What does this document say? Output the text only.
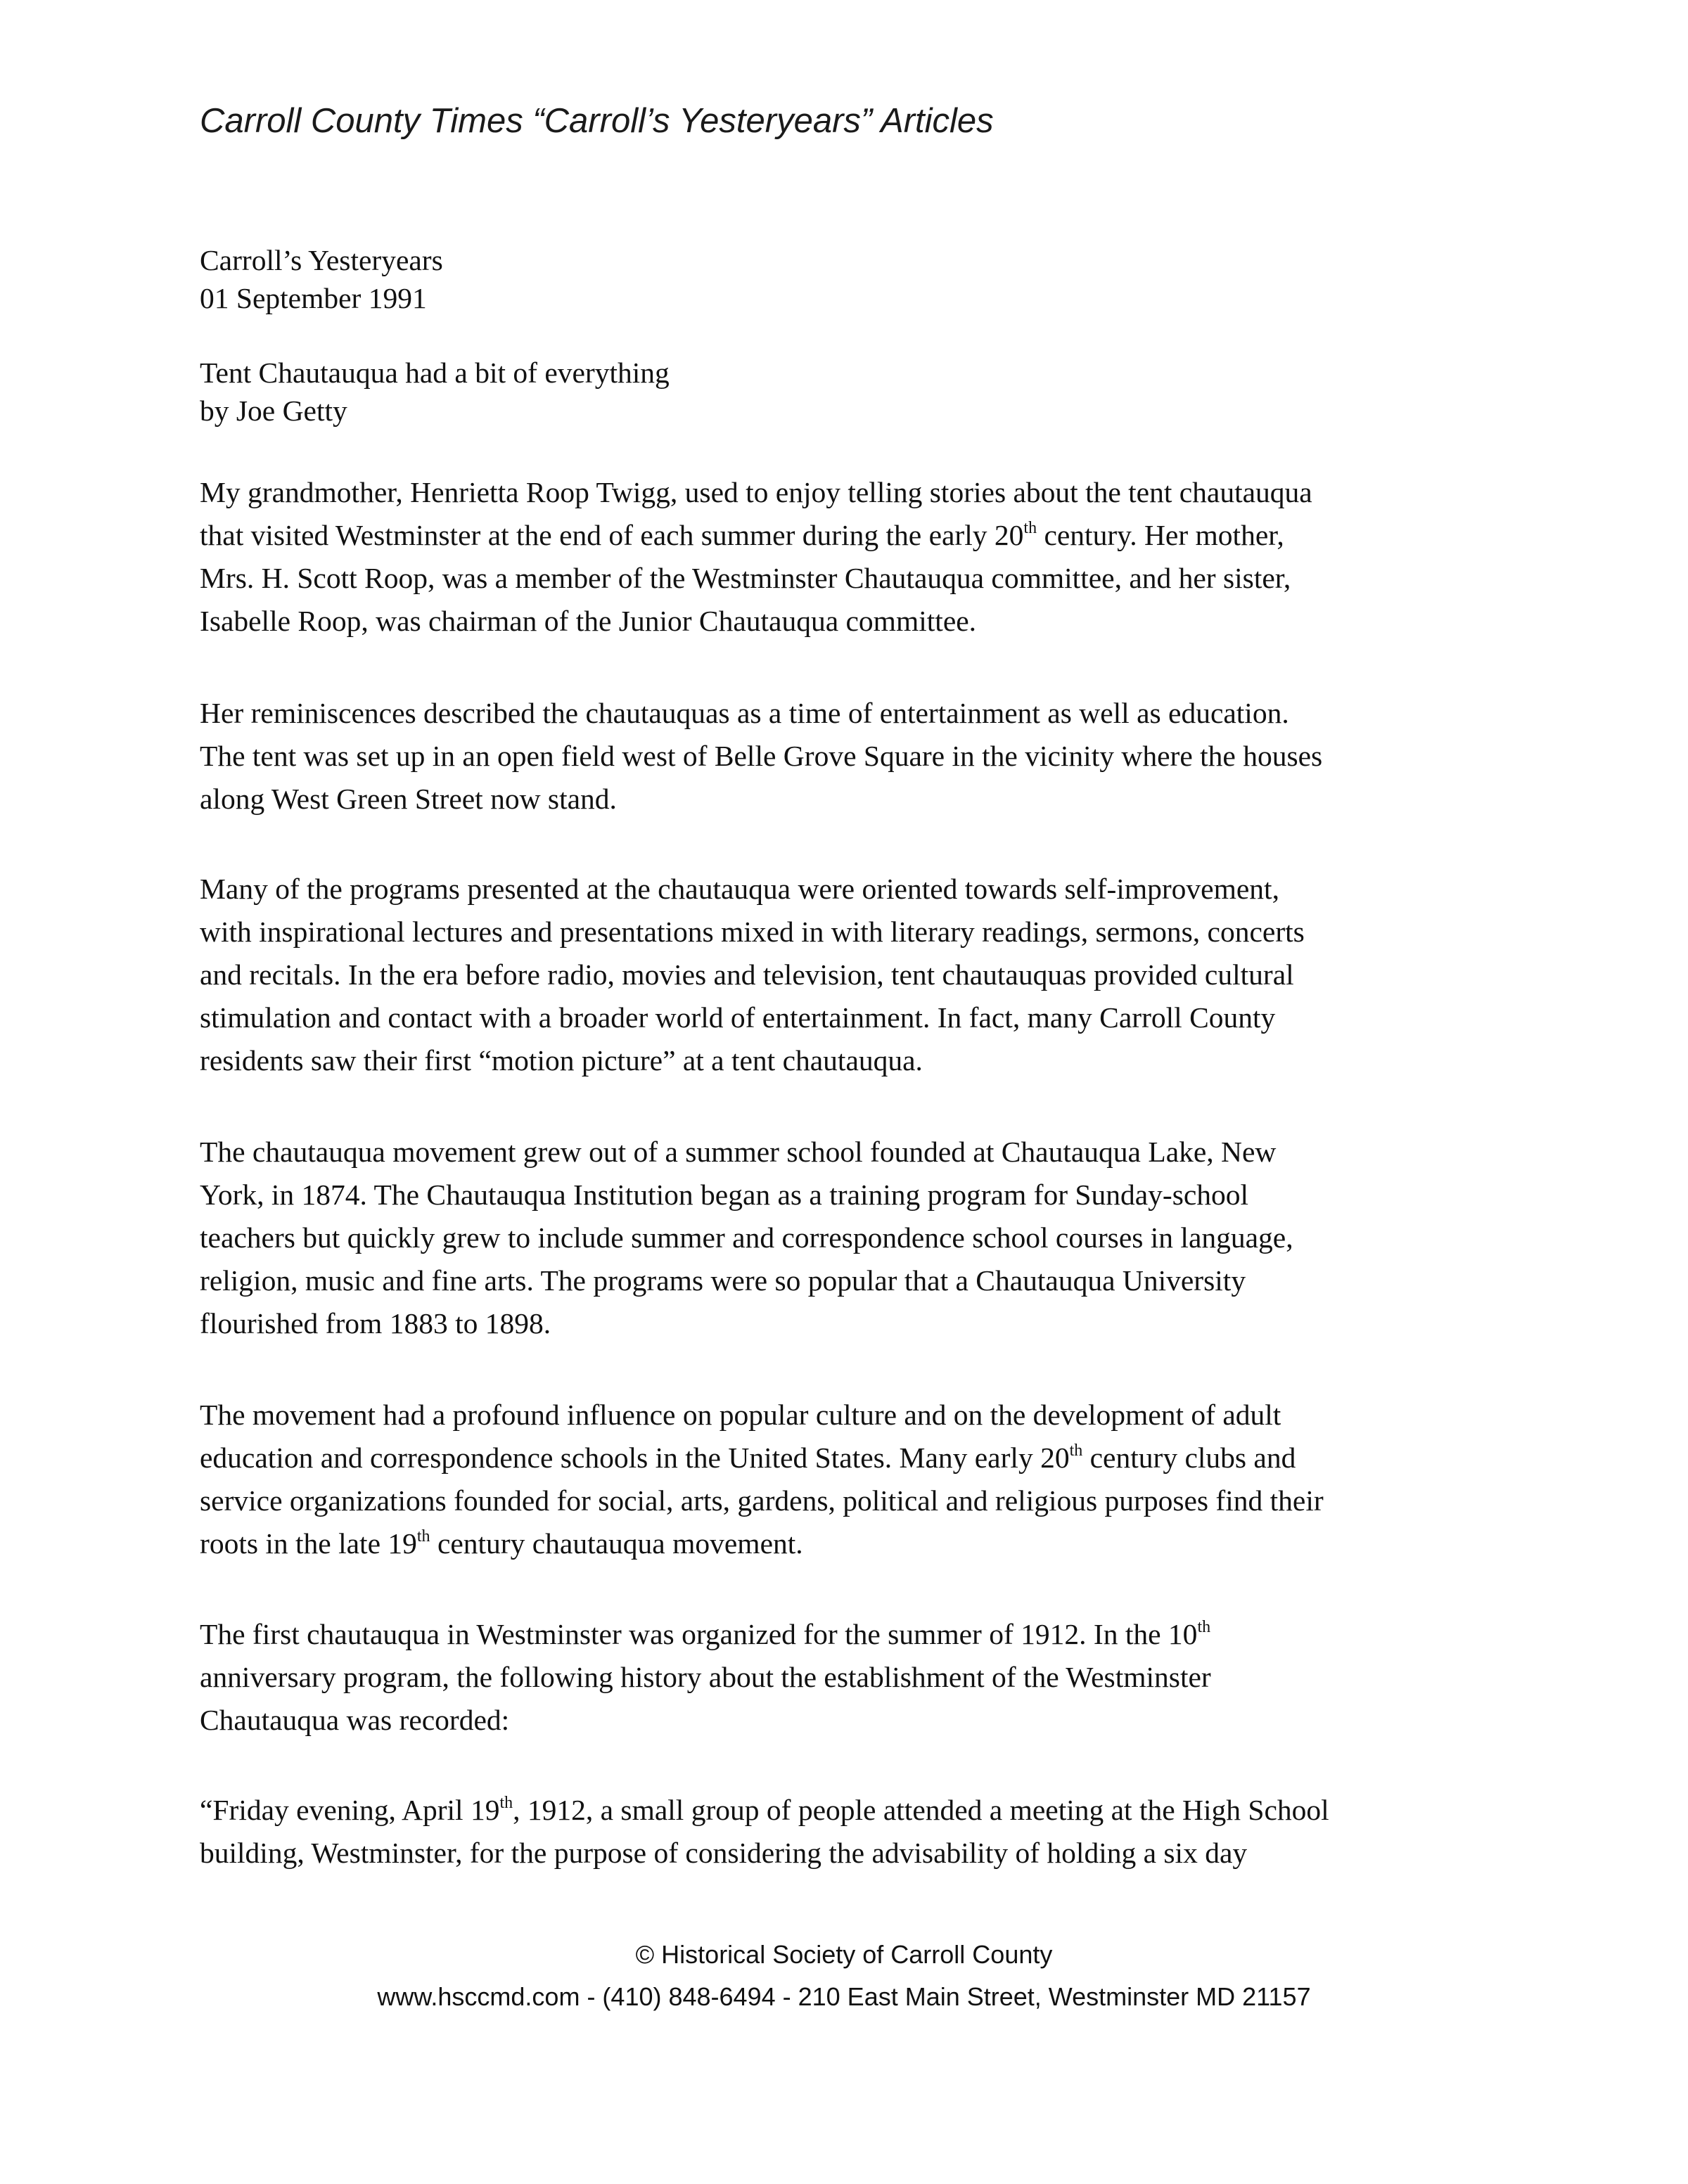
Carroll County Times “Carroll’s Yesteryears” Articles
Carroll’s Yesteryears
01 September 1991
Tent Chautauqua had a bit of everything
by Joe Getty
My grandmother, Henrietta Roop Twigg, used to enjoy telling stories about the tent chautauqua
that visited Westminster at the end of each summer during the early 20th century. Her mother,
Mrs. H. Scott Roop, was a member of the Westminster Chautauqua committee, and her sister,
Isabelle Roop, was chairman of the Junior Chautauqua committee.
Her reminiscences described the chautauquas as a time of entertainment as well as education.
The tent was set up in an open field west of Belle Grove Square in the vicinity where the houses
along West Green Street now stand.
Many of the programs presented at the chautauqua were oriented towards self-improvement,
with inspirational lectures and presentations mixed in with literary readings, sermons, concerts
and recitals. In the era before radio, movies and television, tent chautauquas provided cultural
stimulation and contact with a broader world of entertainment. In fact, many Carroll County
residents saw their first “motion picture” at a tent chautauqua.
The chautauqua movement grew out of a summer school founded at Chautauqua Lake, New
York, in 1874. The Chautauqua Institution began as a training program for Sunday-school
teachers but quickly grew to include summer and correspondence school courses in language,
religion, music and fine arts. The programs were so popular that a Chautauqua University
flourished from 1883 to 1898.
The movement had a profound influence on popular culture and on the development of adult
education and correspondence schools in the United States. Many early 20th century clubs and
service organizations founded for social, arts, gardens, political and religious purposes find their
roots in the late 19th century chautauqua movement.
The first chautauqua in Westminster was organized for the summer of 1912. In the 10th
anniversary program, the following history about the establishment of the Westminster
Chautauqua was recorded:
“Friday evening, April 19th, 1912, a small group of people attended a meeting at the High School
building, Westminster, for the purpose of considering the advisability of holding a six day
© Historical Society of Carroll County
www.hsccmd.com - (410) 848-6494 - 210 East Main Street, Westminster MD 21157
